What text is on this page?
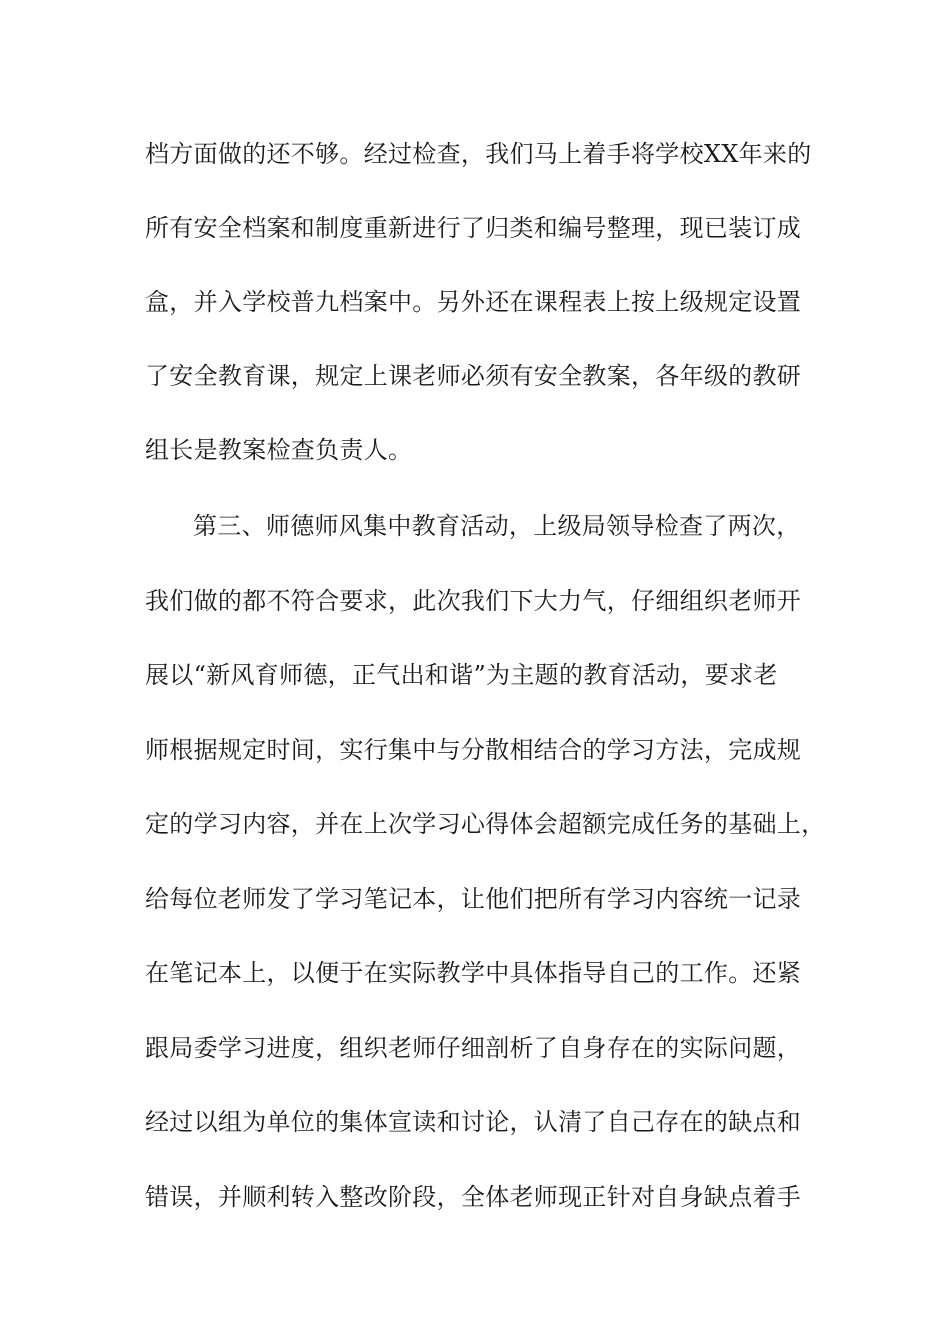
档方面做的还不够。经过检查，我们马上着手将学校XX年来的
所有安全档案和制度重新进行了归类和编号整理，现已装订成
盒，并入学校普九档案中。另外还在课程表上按上级规定设置
了安全教育课，规定上课老师必须有安全教案，各年级的教研
组长是教案检查负责人。
第三、师德师风集中教育活动，上级局领导检查了两次，
我们做的都不符合要求，此次我们下大力气，仔细组织老师开
展以“新风育师德，正气出和谐”为主题的教育活动，要求老
师根据规定时间，实行集中与分散相结合的学习方法，完成规
定的学习内容，并在上次学习心得体会超额完成任务的基础上，
给每位老师发了学习笔记本，让他们把所有学习内容统一记录
在笔记本上，以便于在实际教学中具体指导自己的工作。还紧
跟局委学习进度，组织老师仔细剖析了自身存在的实际问题，
经过以组为单位的集体宣读和讨论，认清了自己存在的缺点和
错误，并顺利转入整改阶段，全体老师现正针对自身缺点着手
